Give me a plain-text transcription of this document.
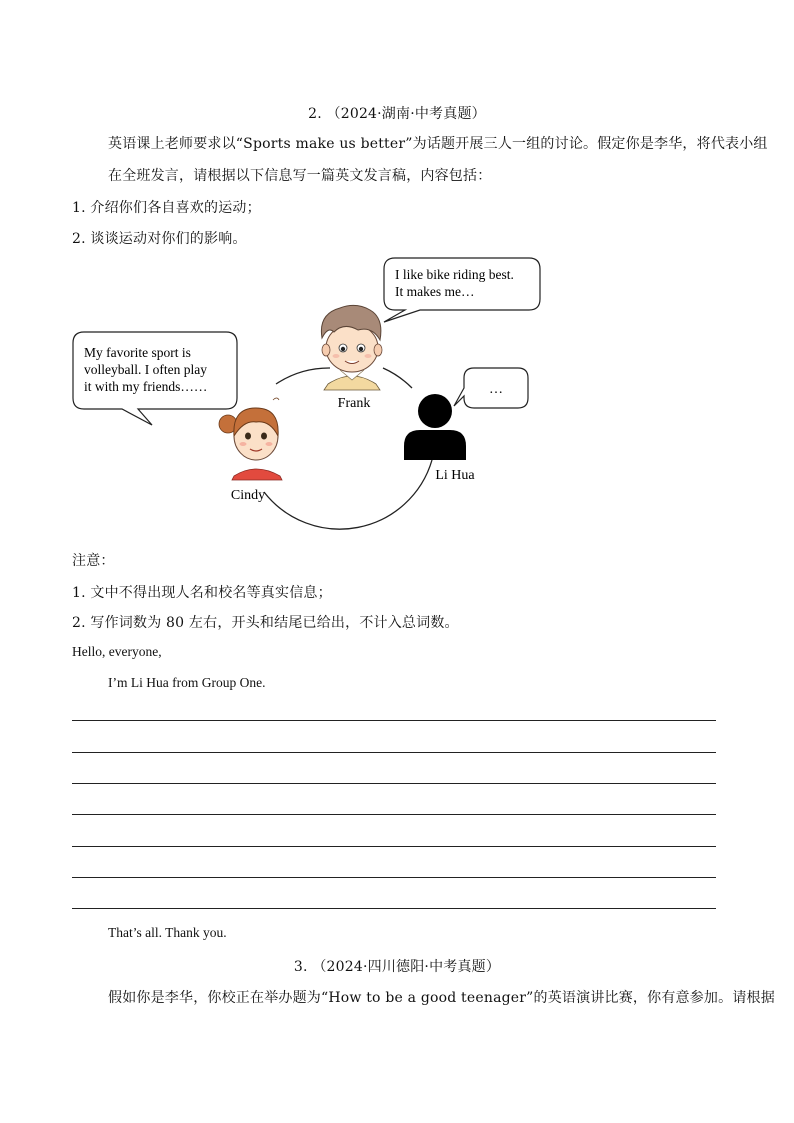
2. （2024·湖南·中考真题）
英语课上老师要求以“Sports make us better”为话题开展三人一组的讨论。假定你是李华，将代表小组
在全班发言，请根据以下信息写一篇英文发言稿，内容包括：
1. 介绍你们各自喜欢的运动；
2. 谈谈运动对你们的影响。
My favorite sport is
volleyball. I often play
it with my friends……
I like bike riding best.
It makes me…
…
Frank
Cindy
Li Hua
注意：
1. 文中不得出现人名和校名等真实信息；
2. 写作词数为 80 左右，开头和结尾已给出，不计入总词数。
Hello, everyone,
I’m Li Hua from Group One.
That’s all. Thank you.
3. （2024·四川德阳·中考真题）
假如你是李华，你校正在举办题为“How to be a good teenager”的英语演讲比赛，你有意参加。请根据
